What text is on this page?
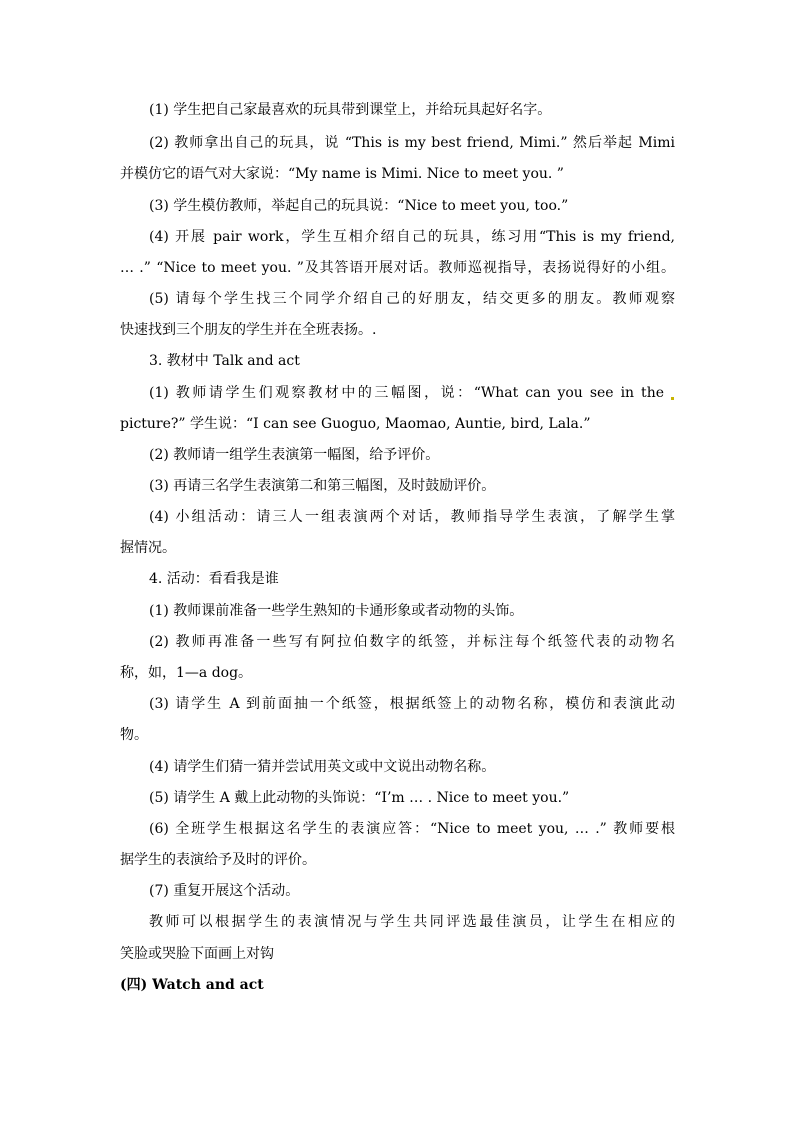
(1) 学生把自己家最喜欢的玩具带到课堂上，并给玩具起好名字。
(2) 教师拿出自己的玩具，说 “This is my best friend, Mimi.” 然后举起 Mimi
并模仿它的语气对大家说：“My name is Mimi. Nice to meet you. ”
(3) 学生模仿教师，举起自己的玩具说：“Nice to meet you, too.”
(4) 开展 pair work，学生互相介绍自己的玩具，练习用“This is my friend,
… .” “Nice to meet you. ”及其答语开展对话。教师巡视指导，表扬说得好的小组。
(5) 请每个学生找三个同学介绍自己的好朋友，结交更多的朋友。教师观察
快速找到三个朋友的学生并在全班表扬。.
3. 教材中 Talk and act
(1) 教师请学生们观察教材中的三幅图，说：“What can you see in the
picture?” 学生说：“I can see Guoguo, Maomao, Auntie, bird, Lala.”
(2) 教师请一组学生表演第一幅图，给予评价。
(3) 再请三名学生表演第二和第三幅图，及时鼓励评价。
(4) 小组活动：请三人一组表演两个对话，教师指导学生表演，了解学生掌
握情况。
4. 活动：看看我是谁
(1) 教师课前准备一些学生熟知的卡通形象或者动物的头饰。
(2) 教师再准备一些写有阿拉伯数字的纸签，并标注每个纸签代表的动物名
称，如，1—a dog。
(3) 请学生 A 到前面抽一个纸签，根据纸签上的动物名称，模仿和表演此动
物。
(4) 请学生们猜一猜并尝试用英文或中文说出动物名称。
(5) 请学生 A 戴上此动物的头饰说：“I’m … . Nice to meet you.”
(6) 全班学生根据这名学生的表演应答：“Nice to meet you, … .” 教师要根
据学生的表演给予及时的评价。
(7) 重复开展这个活动。
教师可以根据学生的表演情况与学生共同评选最佳演员，让学生在相应的
笑脸或哭脸下面画上对钩
(四) Watch and act
